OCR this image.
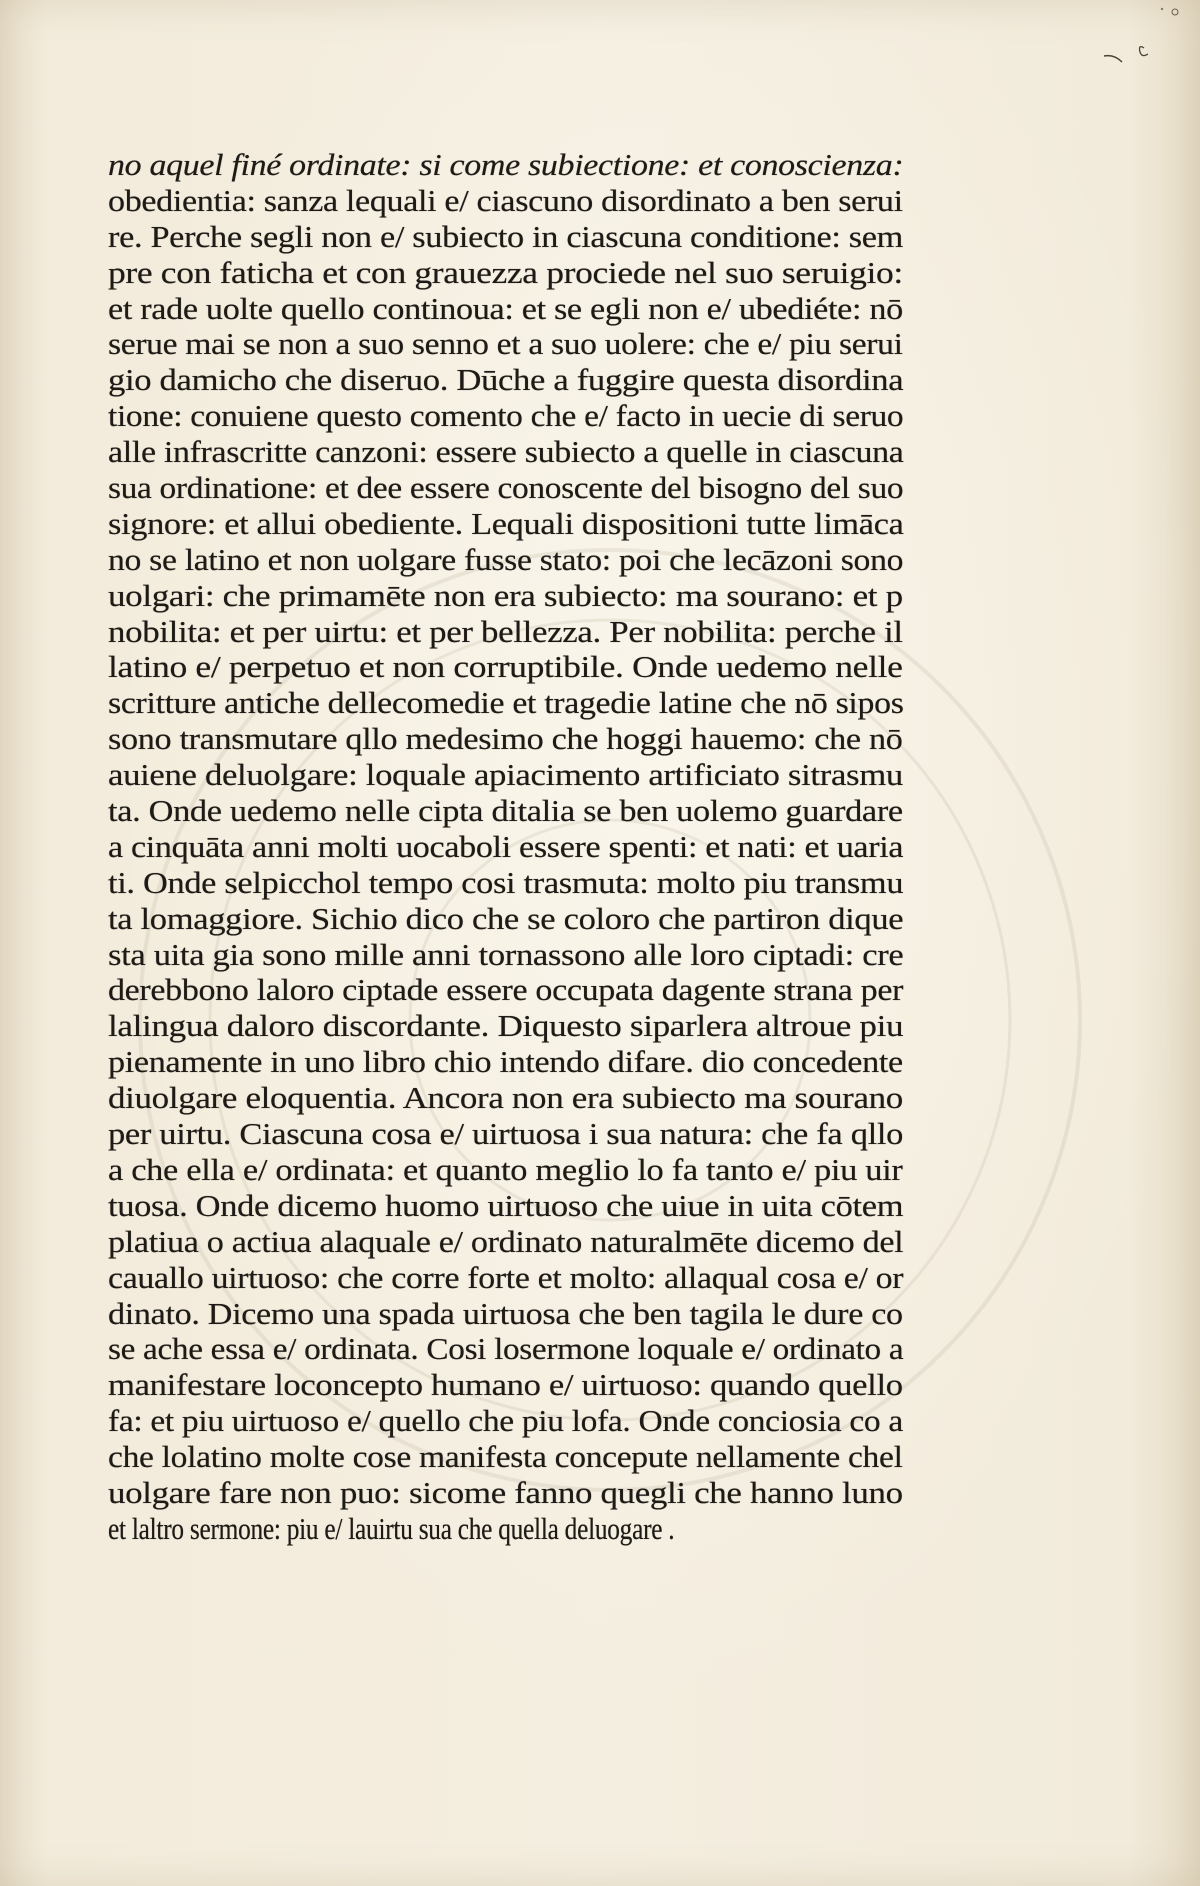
no aquel finé ordinate: si come subiectione: et conoscienza:
obedientia: sanza lequali e/ ciascuno disordinato a ben serui
re. Perche segli non e/ subiecto in ciascuna conditione: sem
pre con faticha et con grauezza prociede nel suo seruigio:
et rade uolte quello continoua: et se egli non e/ ubediéte: nō
serue mai se non a suo senno et a suo uolere: che e/ piu serui
gio damicho che diseruo. Dūche a fuggire questa disordina
tione: conuiene questo comento che e/ facto in uecie di seruo
alle infrascritte canzoni: essere subiecto a quelle in ciascuna
sua ordinatione: et dee essere conoscente del bisogno del suo
signore: et allui obediente. Lequali dispositioni tutte limāca
no se latino et non uolgare fusse stato: poi che lecāzoni sono
uolgari: che primamēte non era subiecto: ma sourano: et p
nobilita: et per uirtu: et per bellezza. Per nobilita: perche il
latino e/ perpetuo et non corruptibile. Onde uedemo nelle
scritture antiche dellecomedie et tragedie latine che nō sipos
sono transmutare qllo medesimo che hoggi hauemo: che nō
auiene deluolgare: loquale apiacimento artificiato sitrasmu
ta. Onde uedemo nelle cipta ditalia se ben uolemo guardare
a cinquāta anni molti uocaboli essere spenti: et nati: et uaria
ti. Onde selpicchol tempo cosi trasmuta: molto piu transmu
ta lomaggiore. Sichio dico che se coloro che partiron dique
sta uita gia sono mille anni tornassono alle loro ciptadi: cre
derebbono laloro ciptade essere occupata dagente strana per
lalingua daloro discordante. Diquesto siparlera altroue piu
pienamente in uno libro chio intendo difare. dio concedente
diuolgare eloquentia. Ancora non era subiecto ma sourano
per uirtu. Ciascuna cosa e/ uirtuosa i sua natura: che fa qllo
a che ella e/ ordinata: et quanto meglio lo fa tanto e/ piu uir
tuosa. Onde dicemo huomo uirtuoso che uiue in uita cōtem
platiua o actiua alaquale e/ ordinato naturalmēte dicemo del
cauallo uirtuoso: che corre forte et molto: allaqual cosa e/ or
dinato. Dicemo una spada uirtuosa che ben tagila le dure co
se ache essa e/ ordinata. Cosi losermone loquale e/ ordinato a
manifestare loconcepto humano e/ uirtuoso: quando quello
fa: et piu uirtuoso e/ quello che piu lofa. Onde conciosia co a
che lolatino molte cose manifesta concepute nellamente chel
uolgare fare non puo: sicome fanno quegli che hanno luno
et laltro sermone: piu e/ lauirtu sua che quella deluogare .
